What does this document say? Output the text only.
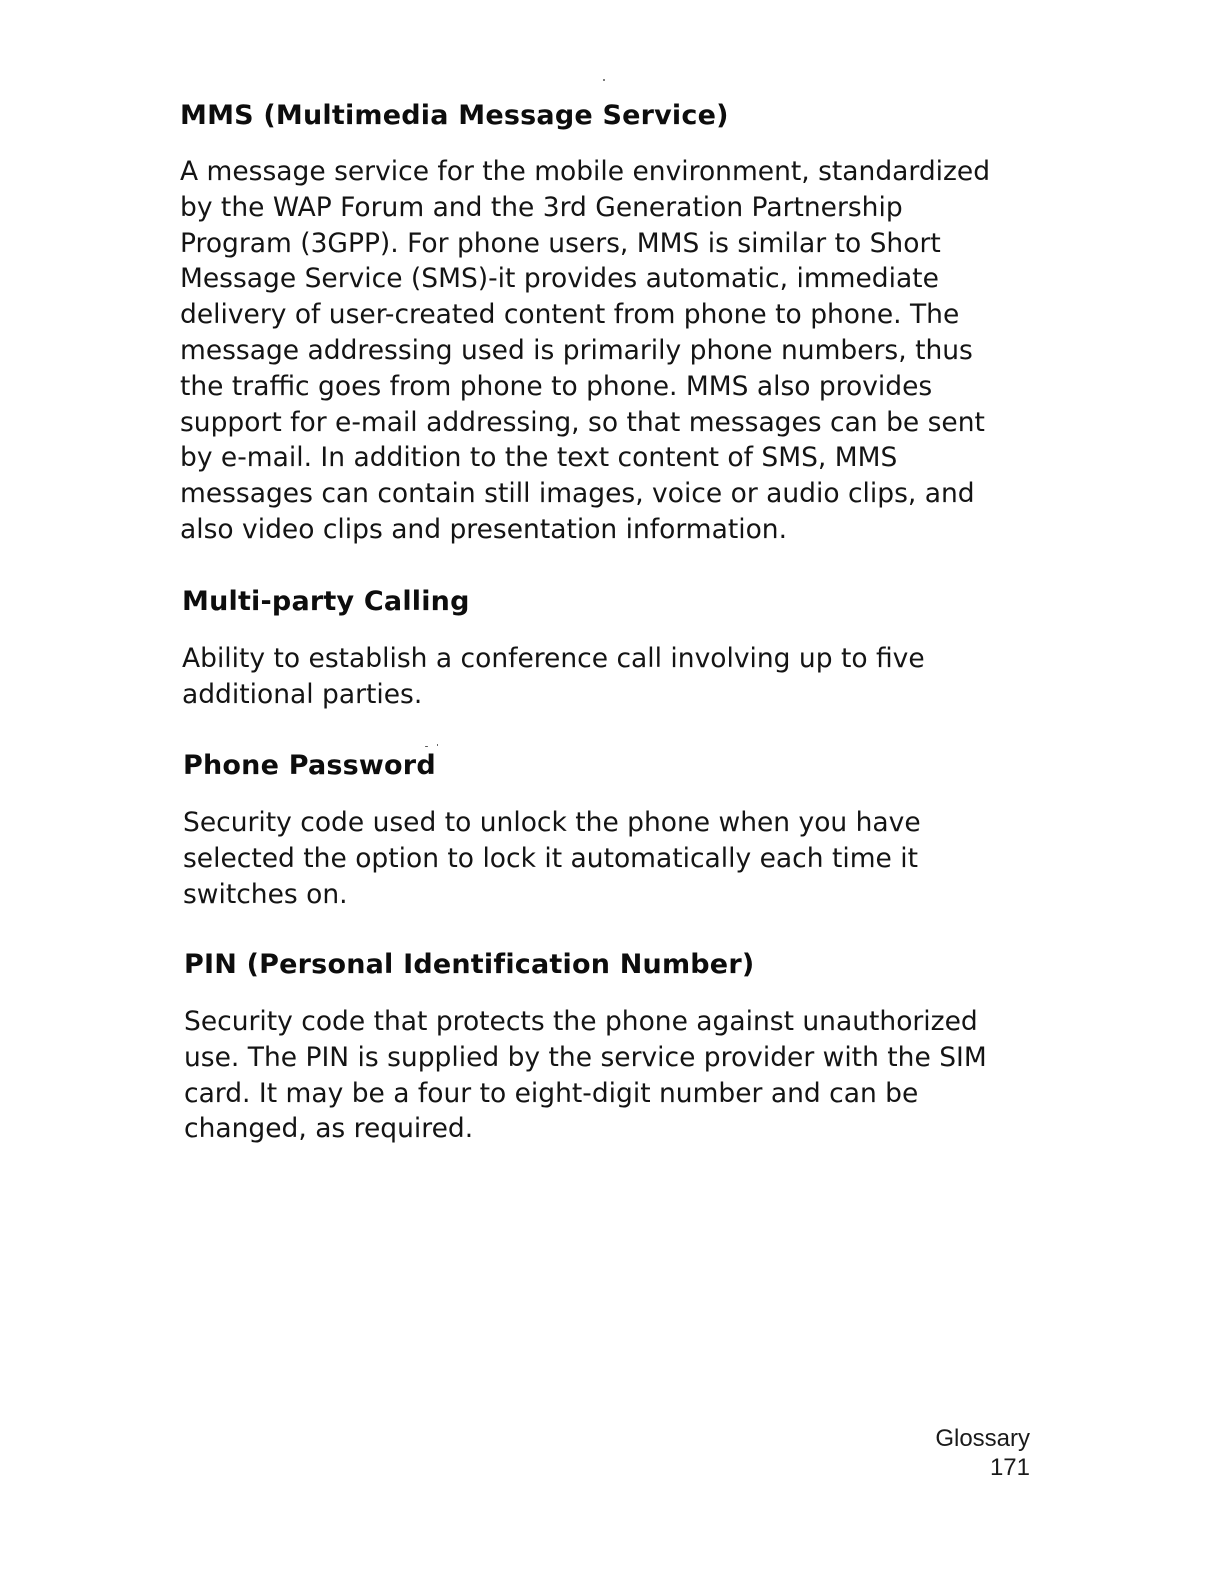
MMS (Multimedia Message Service)

A message service for the mobile environment, standardized
by the WAP Forum and the 3rd Generation Partnership
Program (3GPP). For phone users, MMS is similar to Short
Message Service (SMS)-it provides automatic, immediate
delivery of user-created content from phone to phone. The
message addressing used is primarily phone numbers, thus
the traffic goes from phone to phone. MMS also provides
support for e-mail addressing, so that messages can be sent
by e-mail. In addition to the text content of SMS, MMS
messages can contain still images, voice or audio clips, and
also video clips and presentation information.

Multi-party Calling

Ability to establish a conference call involving up to five
additional parties.

Phone Password

Security code used to unlock the phone when you have
selected the option to lock it automatically each time it
switches on.

PIN (Personal Identification Number)

Security code that protects the phone against unauthorized
use. The PIN is supplied by the service provider with the SIM
card. It may be a four to eight-digit number and can be
changed, as required.

Glossary
171
